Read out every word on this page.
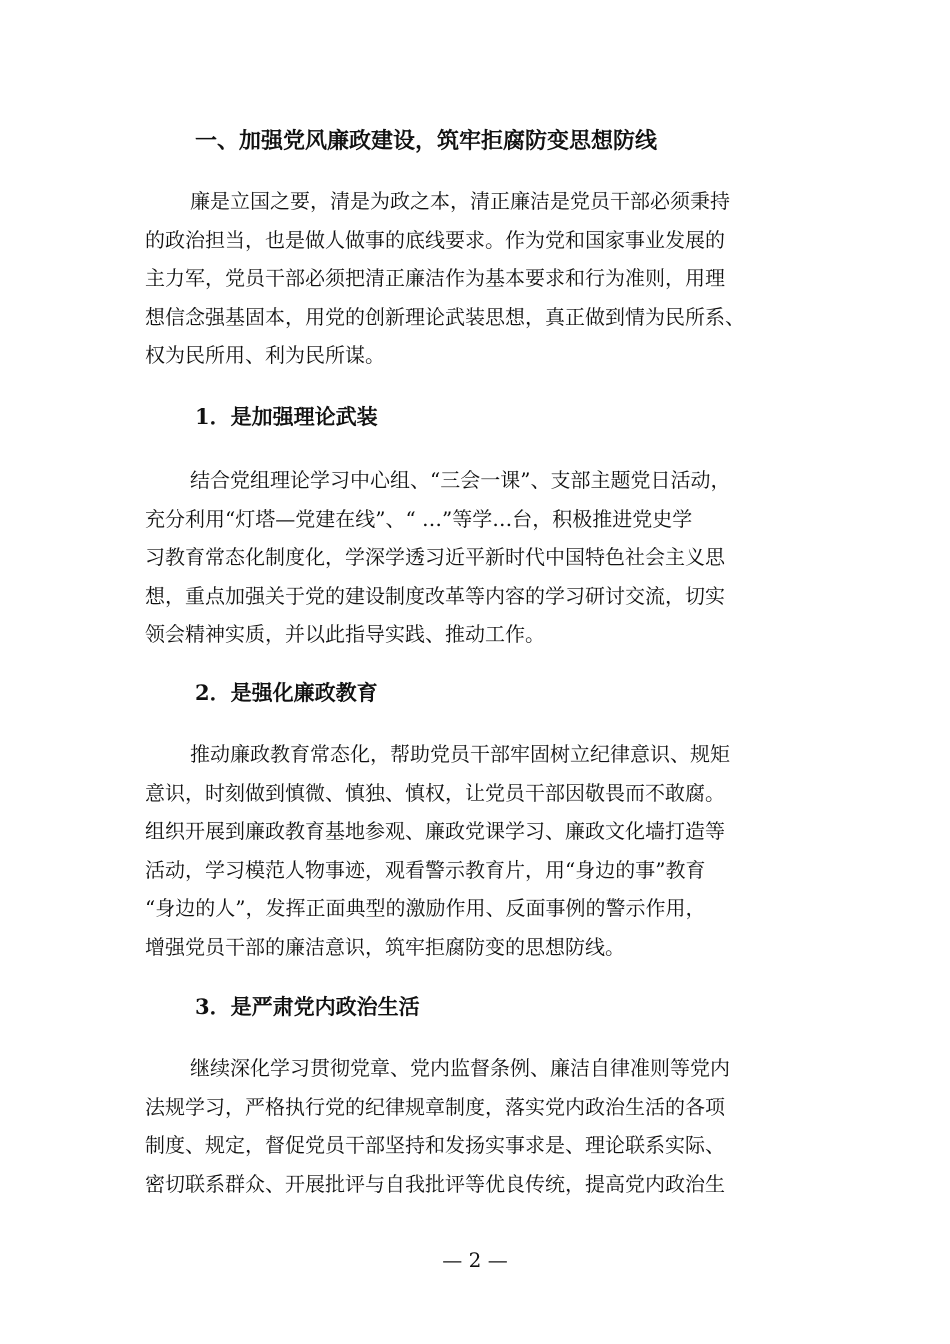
一、加强党风廉政建设，筑牢拒腐防变思想防线
廉是立国之要，清是为政之本，清正廉洁是党员干部必须秉持
的政治担当，也是做人做事的底线要求。作为党和国家事业发展的
主力军，党员干部必须把清正廉洁作为基本要求和行为准则，用理
想信念强基固本，用党的创新理论武装思想，真正做到情为民所系、
权为民所用、利为民所谋。
1．是加强理论武装
结合党组理论学习中心组、“三会一课”、支部主题党日活动，
充分利用“灯塔—党建在线”、“ …”等学…台，积极推进党史学
习教育常态化制度化，学深学透习近平新时代中国特色社会主义思
想，重点加强关于党的建设制度改革等内容的学习研讨交流，切实
领会精神实质，并以此指导实践、推动工作。
2．是强化廉政教育
推动廉政教育常态化，帮助党员干部牢固树立纪律意识、规矩
意识，时刻做到慎微、慎独、慎权，让党员干部因敬畏而不敢腐。
组织开展到廉政教育基地参观、廉政党课学习、廉政文化墙打造等
活动，学习模范人物事迹，观看警示教育片，用“身边的事”教育
“身边的人”，发挥正面典型的激励作用、反面事例的警示作用，
增强党员干部的廉洁意识，筑牢拒腐防变的思想防线。
3．是严肃党内政治生活
继续深化学习贯彻党章、党内监督条例、廉洁自律准则等党内
法规学习，严格执行党的纪律规章制度，落实党内政治生活的各项
制度、规定，督促党员干部坚持和发扬实事求是、理论联系实际、
密切联系群众、开展批评与自我批评等优良传统，提高党内政治生
— 2 —
